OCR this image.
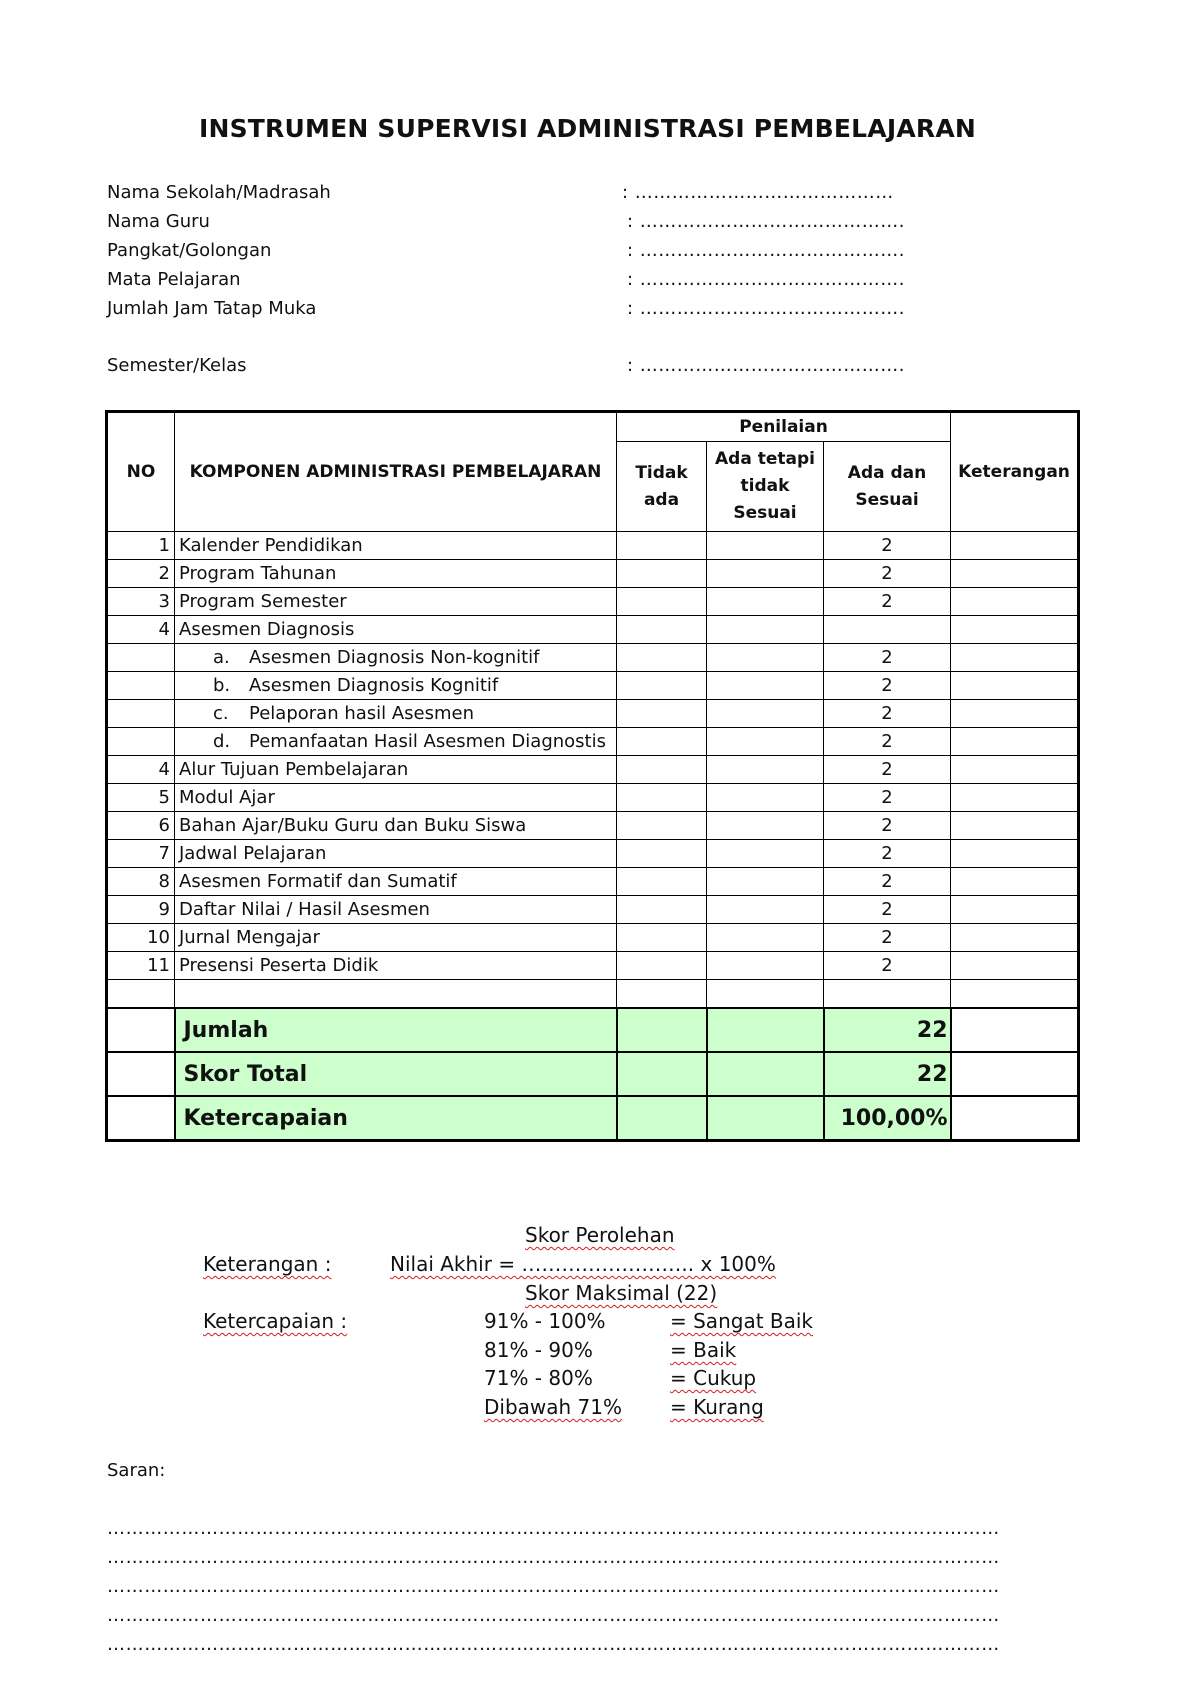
INSTRUMEN SUPERVISI ADMINISTRASI PEMBELAJARAN
Nama Sekolah/Madrasah	: ……………………………………
Nama Guru	: …………………………………….
Pangkat/Golongan	: …………………………………….
Mata Pelajaran	: …………………………………….
Jumlah Jam Tatap Muka	: …………………………………….
Semester/Kelas	: …………………………………….
NO	KOMPONEN ADMINISTRASI PEMBELAJARAN	Penilaian			Keterangan
		Tidak ada	Ada tetapi tidak Sesuai	Ada dan Sesuai	
1	Kalender Pendidikan			2	
2	Program Tahunan			2	
3	Program Semester			2	
4	Asesmen Diagnosis				
	a. Asesmen Diagnosis Non-kognitif			2	
	b. Asesmen Diagnosis Kognitif			2	
	c. Pelaporan hasil Asesmen			2	
	d. Pemanfaatan Hasil Asesmen Diagnostis			2	
4	Alur Tujuan Pembelajaran			2	
5	Modul Ajar			2	
6	Bahan Ajar/Buku Guru dan Buku Siswa			2	
7	Jadwal Pelajaran			2	
8	Asesmen Formatif dan Sumatif			2	
9	Daftar Nilai / Hasil Asesmen			2	
10	Jurnal Mengajar			2	
11	Presensi Peserta Didik			2	

	Jumlah			22	
	Skor Total			22	
	Ketercapaian			100,00%	
Skor Perolehan
Keterangan :	Nilai Akhir = …………………….. x 100%
Skor Maksimal (22)
Ketercapaian :	91% - 100%	= Sangat Baik
81% - 90%	= Baik
71% - 80%	= Cukup
Dibawah 71% = Kurang
Saran:
………………………………………………………………………………………………………………………………
………………………………………………………………………………………………………………………………
………………………………………………………………………………………………………………………………
………………………………………………………………………………………………………………………………
………………………………………………………………………………………………………………………………
